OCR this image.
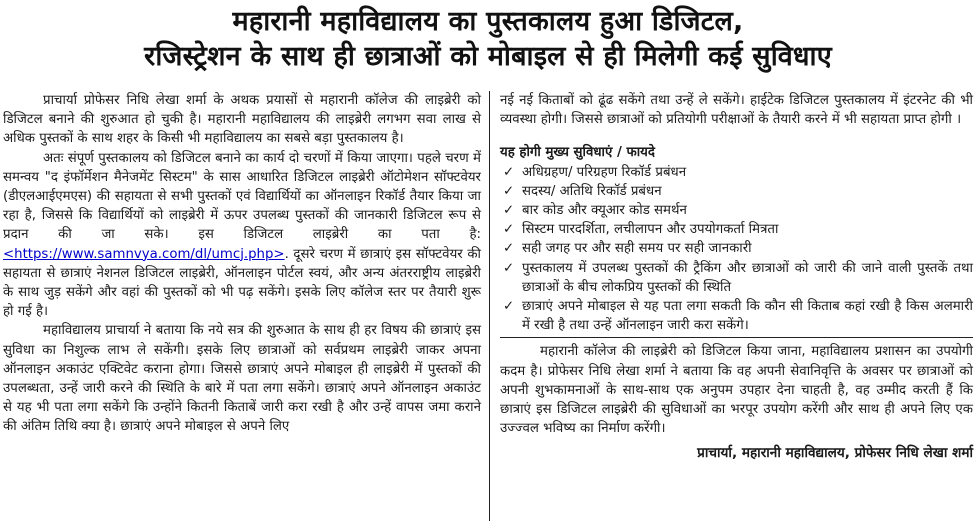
महारानी महाविद्यालय का पुस्तकालय हुआ डिजिटल,
रजिस्ट्रेशन के साथ ही छात्राओं को मोबाइल से ही मिलेगी कई सुविधाए

प्राचार्या प्रोफेसर निधि लेखा शर्मा के अथक प्रयासों से महारानी कॉलेज की लाइब्रेरी को डिजिटल बनाने की शुरुआत हो चुकी है। महारानी महाविद्यालय की लाइब्रेरी लगभग सवा लाख से अधिक पुस्तकों के साथ शहर के किसी भी महाविद्यालय का सबसे बड़ा पुस्तकालय है।

अतः संपूर्ण पुस्तकालय को डिजिटल बनाने का कार्य दो चरणों में किया जाएगा। पहले चरण में समन्वय "द इंफॉर्मेशन मैनेजमेंट सिस्टम" के सास आधारित डिजिटल लाइब्रेरी ऑटोमेशन सॉफ्टवेयर (डीएलआईएमएस) की सहायता से सभी पुस्तकों एवं विद्यार्थियों का ऑनलाइन रिकॉर्ड तैयार किया जा रहा है, जिससे कि विद्यार्थियों को लाइब्रेरी में ऊपर उपलब्ध पुस्तकों की जानकारी डिजिटल रूप से प्रदान की जा सके। इस डिजिटल लाइब्रेरी का पता है: <https://www.samnvya.com/dl/umcj.php>. दूसरे चरण में छात्राएं इस सॉफ्टवेयर की सहायता से छात्राएं नेशनल डिजिटल लाइब्रेरी, ऑनलाइन पोर्टल स्वयं, और अन्य अंतरराष्ट्रीय लाइब्रेरी के साथ जुड़ सकेंगे और वहां की पुस्तकों को भी पढ़ सकेंगे। इसके लिए कॉलेज स्तर पर तैयारी शुरू हो गई है।

महाविद्यालय प्राचार्या ने बताया कि नये सत्र की शुरुआत के साथ ही हर विषय की छात्राएं इस सुविधा का निशुल्क लाभ ले सकेंगी। इसके लिए छात्राओं को सर्वप्रथम लाइब्रेरी जाकर अपना ऑनलाइन अकाउंट एक्टिवेट कराना होगा। जिससे छात्राएं अपने मोबाइल ही लाइब्रेरी में पुस्तकों की उपलब्धता, उन्हें जारी करने की स्थिति के बारे में पता लगा सकेंगे। छात्राएं अपने ऑनलाइन अकाउंट से यह भी पता लगा सकेंगे कि उन्होंने कितनी किताबें जारी करा रखी है और उन्हें वापस जमा कराने की अंतिम तिथि क्या है। छात्राएं अपने मोबाइल से अपने लिए

नई नई किताबों को ढूंढ सकेंगे तथा उन्हें ले सकेंगे। हाईटेक डिजिटल पुस्तकालय में इंटरनेट की भी व्यवस्था होगी। जिससे छात्राओं को प्रतियोगी परीक्षाओं के तैयारी करने में भी सहायता प्राप्त होगी ।

यह होगी मुख्य सुविधाएं / फायदे
✓ अधिग्रहण/ परिग्रहण रिकॉर्ड प्रबंधन
✓ सदस्य/ अतिथि रिकॉर्ड प्रबंधन
✓ बार कोड और क्यूआर कोड समर्थन
✓ सिस्टम पारदर्शिता, लचीलापन और उपयोगकर्ता मित्रता
✓ सही जगह पर और सही समय पर सही जानकारी
✓ पुस्तकालय में उपलब्ध पुस्तकों की ट्रैकिंग और छात्राओं को जारी की जाने वाली पुस्तकें तथा छात्राओं के बीच लोकप्रिय पुस्तकों की स्थिति
✓ छात्राएं अपने मोबाइल से यह पता लगा सकती कि कौन सी किताब कहां रखी है किस अलमारी में रखी है तथा उन्हें ऑनलाइन जारी करा सकेंगे।

महारानी कॉलेज की लाइब्रेरी को डिजिटल किया जाना, महाविद्यालय प्रशासन का उपयोगी कदम है। प्रोफेसर निधि लेखा शर्मा ने बताया कि वह अपनी सेवानिवृत्ति के अवसर पर छात्राओं को अपनी शुभकामनाओं के साथ-साथ एक अनुपम उपहार देना चाहती है, वह उम्मीद करती हैं कि छात्राएं इस डिजिटल लाइब्रेरी की सुविधाओं का भरपूर उपयोग करेंगी और साथ ही अपने लिए एक उज्ज्वल भविष्य का निर्माण करेंगी।

प्राचार्या, महारानी महाविद्यालय, प्रोफेसर निधि लेखा शर्मा
